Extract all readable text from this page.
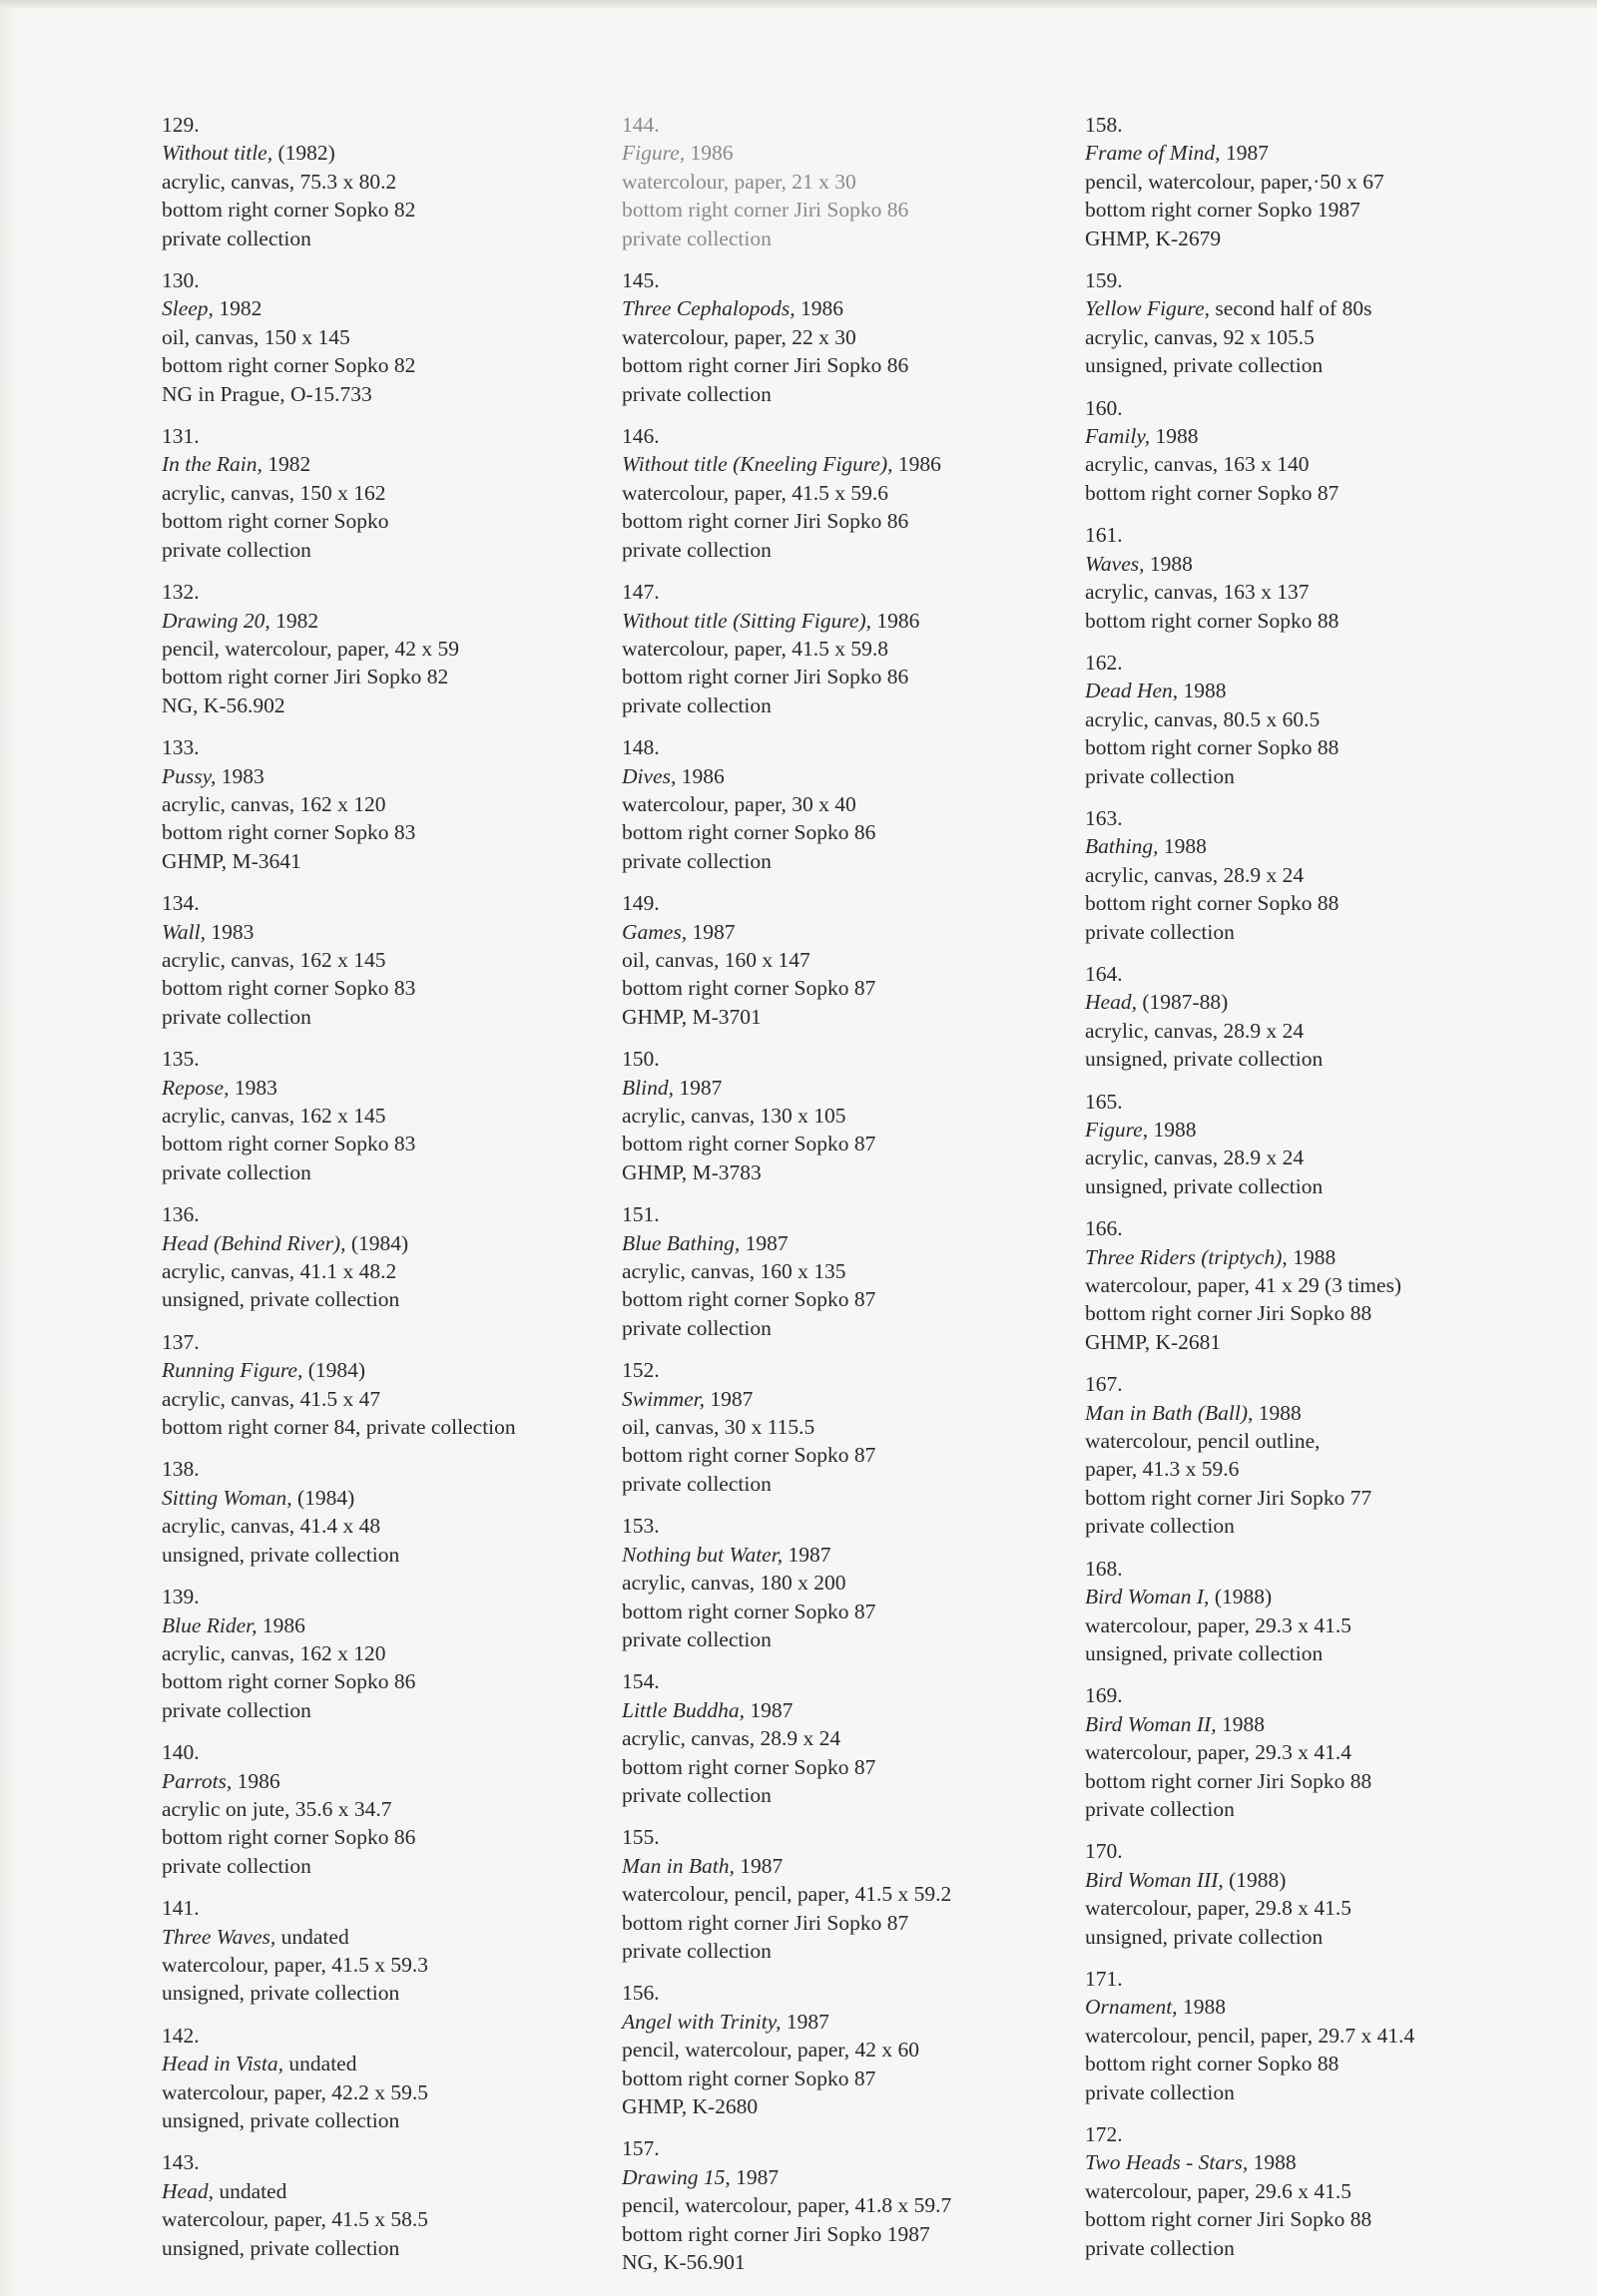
129.
Without title, (1982)
acrylic, canvas, 75.3 x 80.2
bottom right corner Sopko 82
private collection
130.
Sleep, 1982
oil, canvas, 150 x 145
bottom right corner Sopko 82
NG in Prague, O-15.733
131.
In the Rain, 1982
acrylic, canvas, 150 x 162
bottom right corner Sopko
private collection
132.
Drawing 20, 1982
pencil, watercolour, paper, 42 x 59
bottom right corner Jiri Sopko 82
NG, K-56.902
133.
Pussy, 1983
acrylic, canvas, 162 x 120
bottom right corner Sopko 83
GHMP, M-3641
134.
Wall, 1983
acrylic, canvas, 162 x 145
bottom right corner Sopko 83
private collection
135.
Repose, 1983
acrylic, canvas, 162 x 145
bottom right corner Sopko 83
private collection
136.
Head (Behind River), (1984)
acrylic, canvas, 41.1 x 48.2
unsigned, private collection
137.
Running Figure, (1984)
acrylic, canvas, 41.5 x 47
bottom right corner 84, private collection
138.
Sitting Woman, (1984)
acrylic, canvas, 41.4 x 48
unsigned, private collection
139.
Blue Rider, 1986
acrylic, canvas, 162 x 120
bottom right corner Sopko 86
private collection
140.
Parrots, 1986
acrylic on jute, 35.6 x 34.7
bottom right corner Sopko 86
private collection
141.
Three Waves, undated
watercolour, paper, 41.5 x 59.3
unsigned, private collection
142.
Head in Vista, undated
watercolour, paper, 42.2 x 59.5
unsigned, private collection
143.
Head, undated
watercolour, paper, 41.5 x 58.5
unsigned, private collection
144.
Figure, 1986
watercolour, paper, 21 x 30
bottom right corner Jiri Sopko 86
private collection
145.
Three Cephalopods, 1986
watercolour, paper, 22 x 30
bottom right corner Jiri Sopko 86
private collection
146.
Without title (Kneeling Figure), 1986
watercolour, paper, 41.5 x 59.6
bottom right corner Jiri Sopko 86
private collection
147.
Without title (Sitting Figure), 1986
watercolour, paper, 41.5 x 59.8
bottom right corner Jiri Sopko 86
private collection
148.
Dives, 1986
watercolour, paper, 30 x 40
bottom right corner Sopko 86
private collection
149.
Games, 1987
oil, canvas, 160 x 147
bottom right corner Sopko 87
GHMP, M-3701
150.
Blind, 1987
acrylic, canvas, 130 x 105
bottom right corner Sopko 87
GHMP, M-3783
151.
Blue Bathing, 1987
acrylic, canvas, 160 x 135
bottom right corner Sopko 87
private collection
152.
Swimmer, 1987
oil, canvas, 30 x 115.5
bottom right corner Sopko 87
private collection
153.
Nothing but Water, 1987
acrylic, canvas, 180 x 200
bottom right corner Sopko 87
private collection
154.
Little Buddha, 1987
acrylic, canvas, 28.9 x 24
bottom right corner Sopko 87
private collection
155.
Man in Bath, 1987
watercolour, pencil, paper, 41.5 x 59.2
bottom right corner Jiri Sopko 87
private collection
156.
Angel with Trinity, 1987
pencil, watercolour, paper, 42 x 60
bottom right corner Sopko 87
GHMP, K-2680
157.
Drawing 15, 1987
pencil, watercolour, paper, 41.8 x 59.7
bottom right corner Jiri Sopko 1987
NG, K-56.901
158.
Frame of Mind, 1987
pencil, watercolour, paper,·50 x 67
bottom right corner Sopko 1987
GHMP, K-2679
159.
Yellow Figure, second half of 80s
acrylic, canvas, 92 x 105.5
unsigned, private collection
160.
Family, 1988
acrylic, canvas, 163 x 140
bottom right corner Sopko 87
161.
Waves, 1988
acrylic, canvas, 163 x 137
bottom right corner Sopko 88
162.
Dead Hen, 1988
acrylic, canvas, 80.5 x 60.5
bottom right corner Sopko 88
private collection
163.
Bathing, 1988
acrylic, canvas, 28.9 x 24
bottom right corner Sopko 88
private collection
164.
Head, (1987-88)
acrylic, canvas, 28.9 x 24
unsigned, private collection
165.
Figure, 1988
acrylic, canvas, 28.9 x 24
unsigned, private collection
166.
Three Riders (triptych), 1988
watercolour, paper, 41 x 29 (3 times)
bottom right corner Jiri Sopko 88
GHMP, K-2681
167.
Man in Bath (Ball), 1988
watercolour, pencil outline,
paper, 41.3 x 59.6
bottom right corner Jiri Sopko 77
private collection
168.
Bird Woman I, (1988)
watercolour, paper, 29.3 x 41.5
unsigned, private collection
169.
Bird Woman II, 1988
watercolour, paper, 29.3 x 41.4
bottom right corner Jiri Sopko 88
private collection
170.
Bird Woman III, (1988)
watercolour, paper, 29.8 x 41.5
unsigned, private collection
171.
Ornament, 1988
watercolour, pencil, paper, 29.7 x 41.4
bottom right corner Sopko 88
private collection
172.
Two Heads - Stars, 1988
watercolour, paper, 29.6 x 41.5
bottom right corner Jiri Sopko 88
private collection
